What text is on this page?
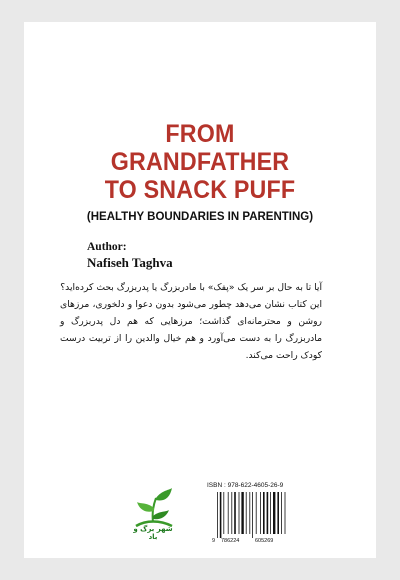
FROM
GRANDFATHER
TO SNACK PUFF
(HEALTHY BOUNDARIES IN PARENTING)
Author:
Nafiseh Taghva

آیا تا به حال بر سر یک «پفک» با مادربزرگ یا پدربزرگ بحث کرده‌اید؟

این کتاب نشان می‌دهد چطور می‌شود بدون دعوا و دلخوری، مرزهای روشن و محترمانه‌ای گذاشت؛ مرزهایی که هم دل پدربزرگ و مادربزرگ را به دست می‌آورد و هم خیال والدین را از تربیت درست کودک راحت می‌کند.

شهر برگ و باد
ISBN : 978-622-4605-26-9
9 786224	605269
